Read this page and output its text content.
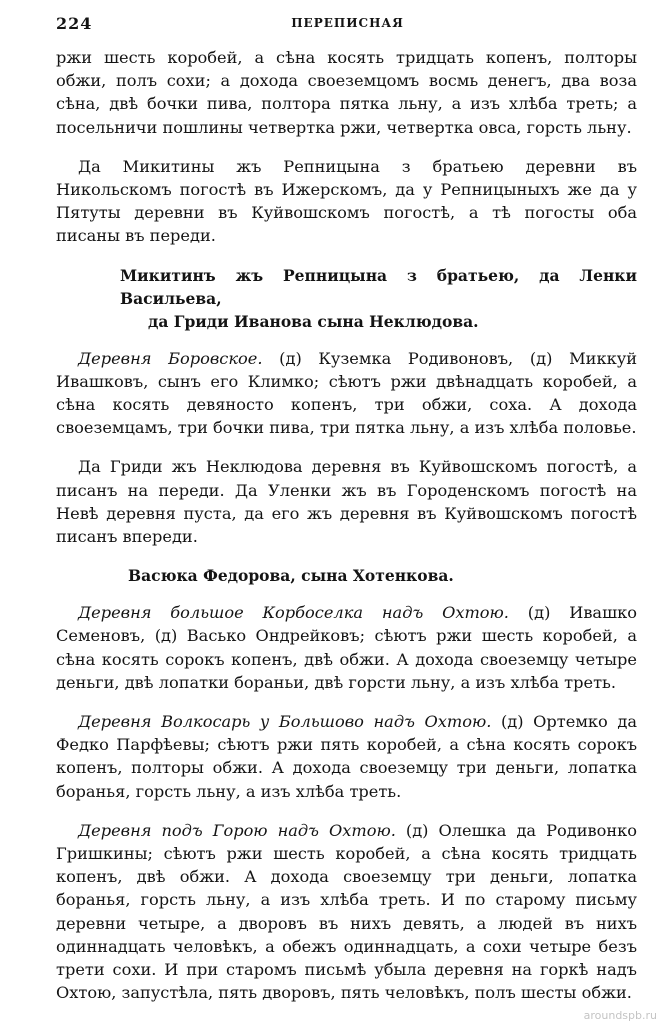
224	ПЕРЕПИСНАЯ

ржи шесть коробей, а сѣна косять тридцать копенъ, полторы обжи, полъ сохи; а дохода своеземцомъ восмь денегъ, два воза сѣна, двѣ бочки пива, полтора пятка льну, а изъ хлѣба треть; а посельничи пошлины четвертка ржи, четвертка овса, горсть льну.

Да Микитины жъ Репницына з братьею деревни въ Никольскомъ погостѣ въ Ижерскомъ, да у Репницыныхъ же да у Пятуты деревни въ Куйвошскомъ погостѣ, а тѣ погосты оба писаны въ переди.

Микитинъ жъ Репницына з братьею, да Ленки Васильева,
да Гриди Иванова сына Неклюдова.

Деревня Боровское. (д) Куземка Родивоновъ, (д) Миккуй Ивашковъ, сынъ его Климко; сѣютъ ржи двѣнадцать коробей, а сѣна косять девяносто копенъ, три обжи, соха. А дохода своеземцамъ, три бочки пива, три пятка льну, а изъ хлѣба половье.

Да Гриди жъ Неклюдова деревня въ Куйвошскомъ погостѣ, а писанъ на переди. Да Уленки жъ въ Городенскомъ погостѣ на Невѣ деревня пуста, да его жъ деревня въ Куйвошскомъ погостѣ писанъ впереди.

Васюка Федорова, сына Хотенкова.

Деревня большое Корбоселка надъ Охтою. (д) Ивашко Семеновъ, (д) Васько Ондрейковъ; сѣютъ ржи шесть коробей, а сѣна косять сорокъ копенъ, двѣ обжи. А дохода своеземцу четыре деньги, двѣ лопатки бораньи, двѣ горсти льну, а изъ хлѣба треть.

Деревня Волкосарь у Большово надъ Охтою. (д) Ортемко да Федко Парфѣевы; сѣютъ ржи пять коробей, а сѣна косять сорокъ копенъ, полторы обжи. А дохода своеземцу три деньги, лопатка боранья, горсть льну, а изъ хлѣба треть.

Деревня подъ Горою надъ Охтою. (д) Олешка да Родивонко Гришкины; сѣютъ ржи шесть коробей, а сѣна косять тридцать копенъ, двѣ обжи. А дохода своеземцу три деньги, лопатка боранья, горсть льну, а изъ хлѣба треть. И по старому письму деревни четыре, а дворовъ въ нихъ девять, а людей въ нихъ одиннадцать человѣкъ, а обежъ одиннадцать, а сохи четыре безъ трети сохи. И при старомъ письмѣ убыла деревня на горкѣ надъ Охтою, запустѣла, пять дворовъ, пять человѣкъ, полъ шесты обжи.

aroundspb.ru
